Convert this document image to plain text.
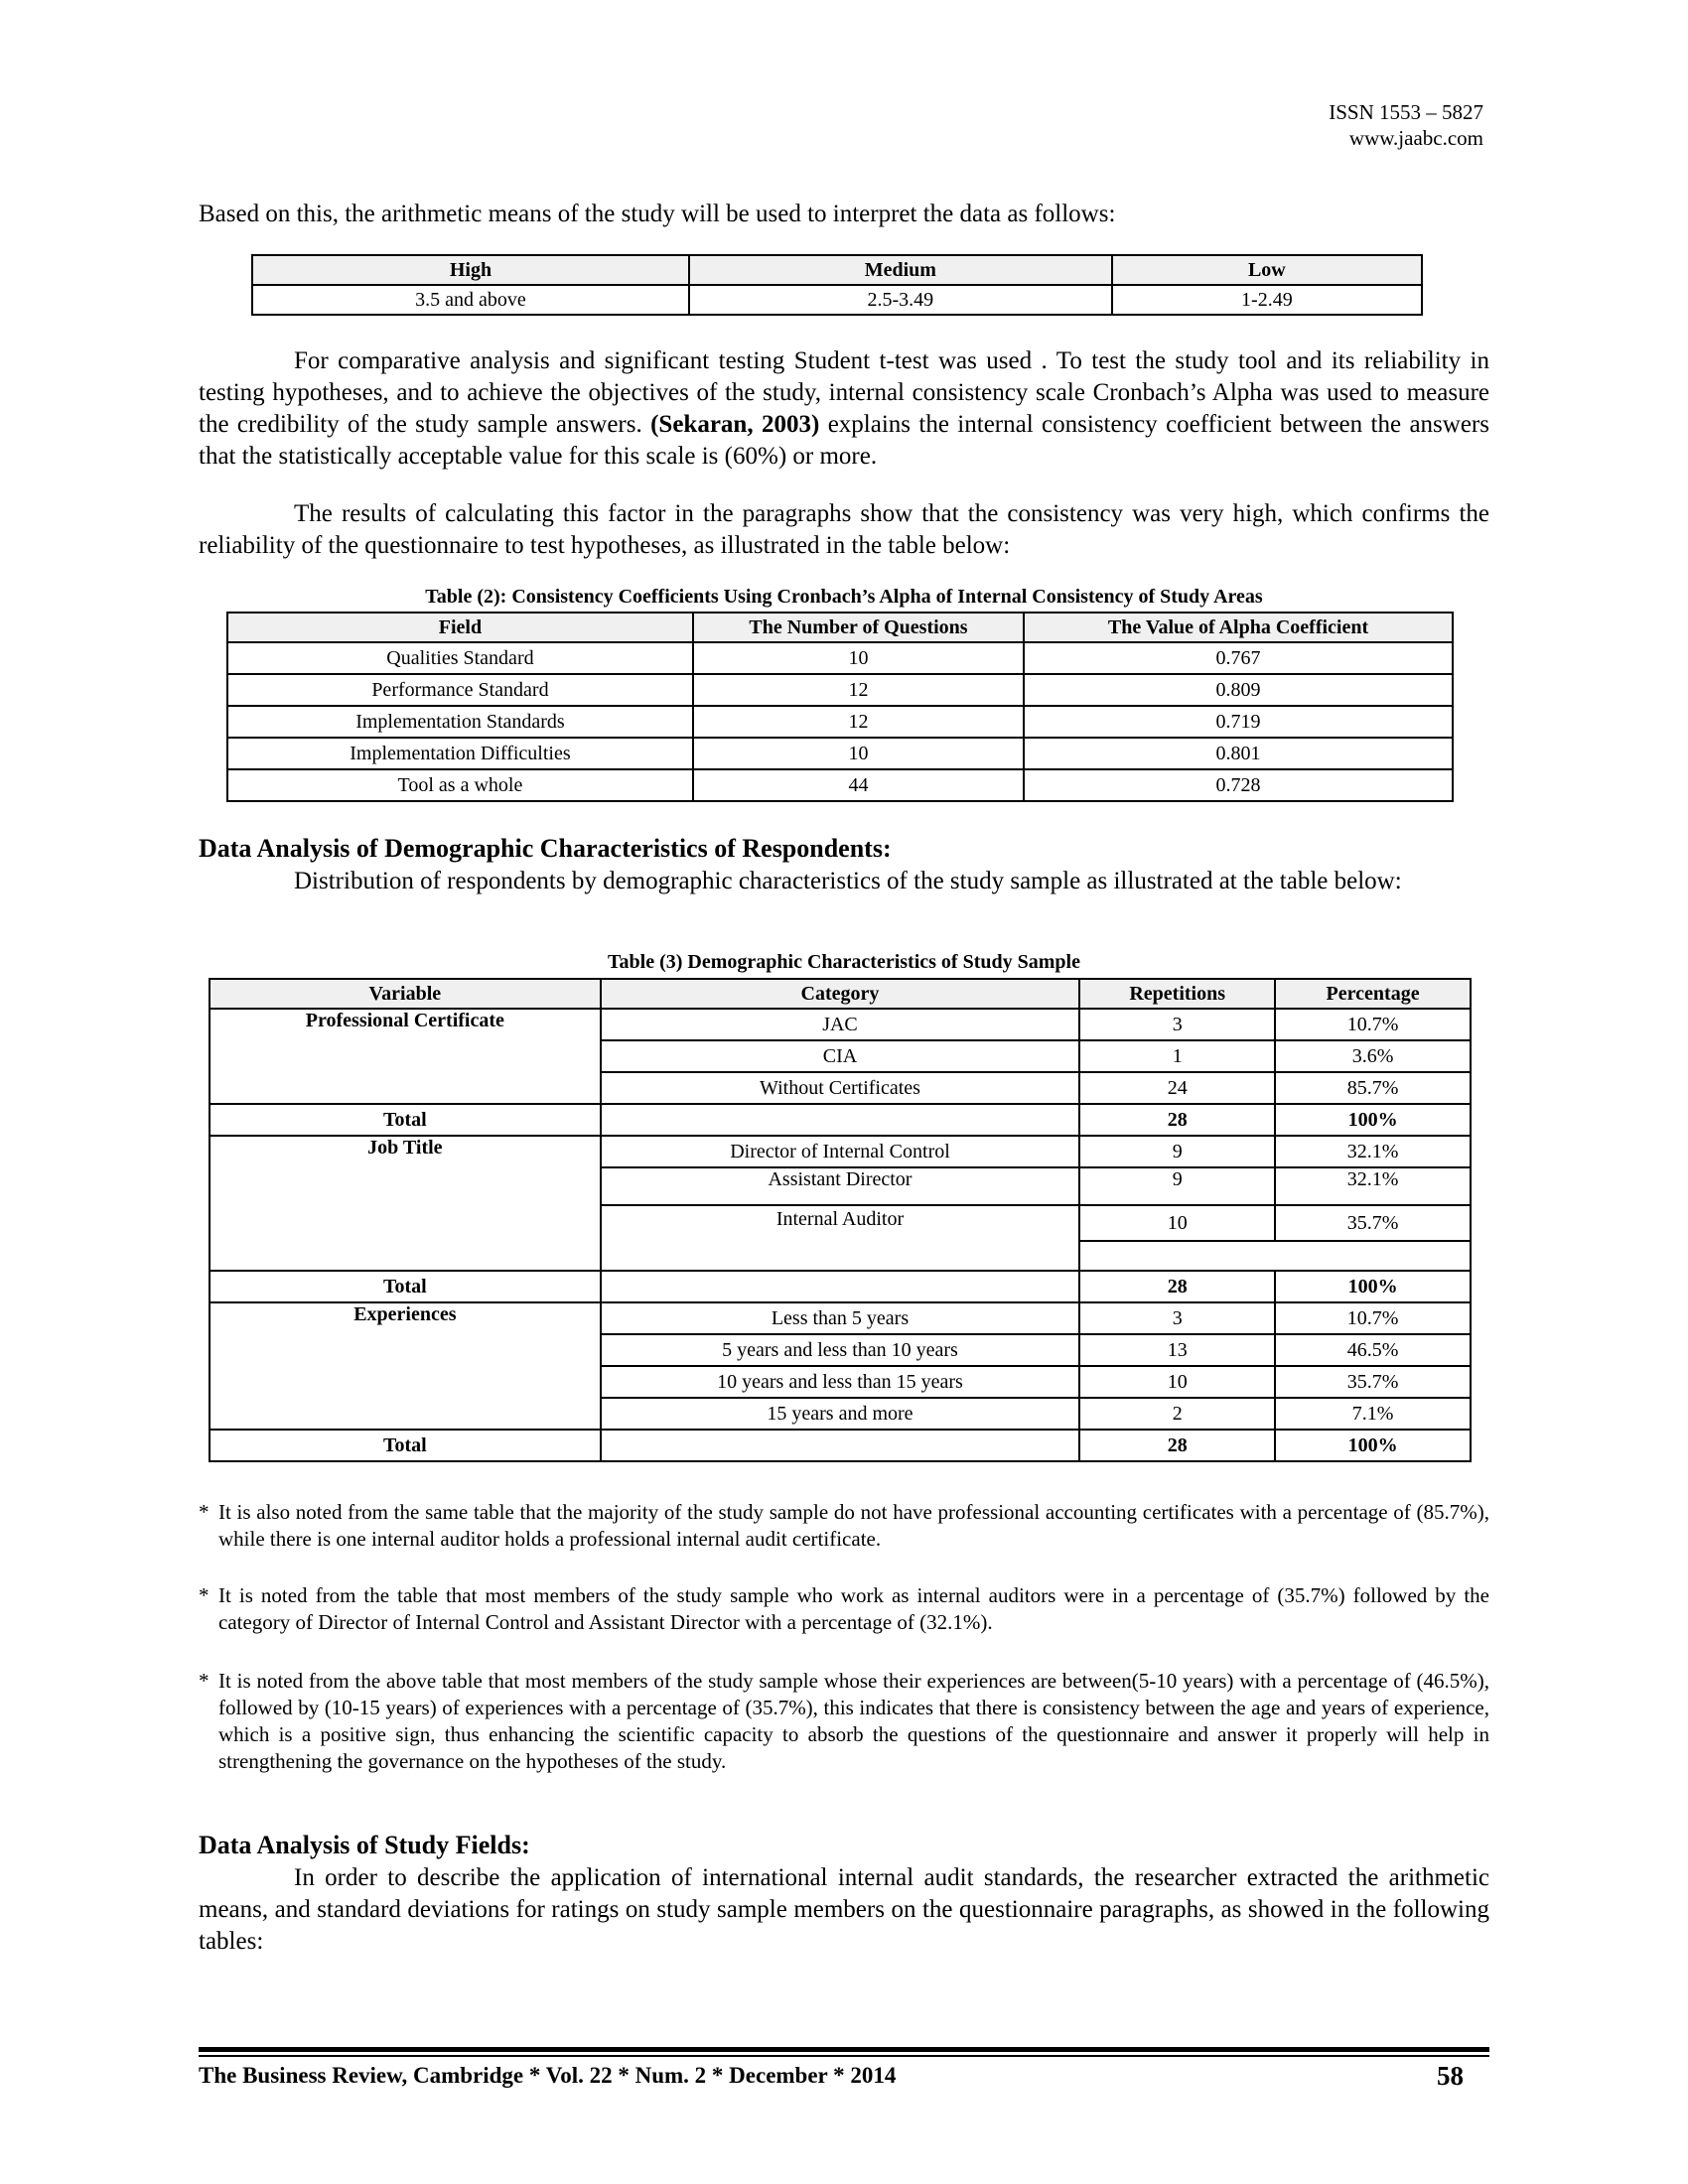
ISSN 1553 – 5827
www.jaabc.com

Based on this, the arithmetic means of the study will be used to interpret the data as follows:

High	Medium	Low
3.5 and above	2.5-3.49	1-2.49

For comparative analysis and significant testing Student t-test was used . To test the study tool and its reliability in testing hypotheses, and to achieve the objectives of the study, internal consistency scale Cronbach’s Alpha was used to measure the credibility of the study sample answers. (Sekaran, 2003) explains the internal consistency coefficient between the answers that the statistically acceptable value for this scale is (60%) or more.

The results of calculating this factor in the paragraphs show that the consistency was very high, which confirms the reliability of the questionnaire to test hypotheses, as illustrated in the table below:

Table (2): Consistency Coefficients Using Cronbach’s Alpha of Internal Consistency of Study Areas
Field	The Number of Questions	The Value of Alpha Coefficient
Qualities Standard	10	0.767
Performance Standard	12	0.809
Implementation Standards	12	0.719
Implementation Difficulties	10	0.801
Tool as a whole	44	0.728
Data Analysis of Demographic Characteristics of Respondents:

Distribution of respondents by demographic characteristics of the study sample as illustrated at the table below:

Table (3) Demographic Characteristics of Study Sample
Variable	Category	Repetitions	Percentage
Professional Certificate	JAC	3	10.7%
	CIA	1	3.6%
	Without Certificates	24	85.7%
Total		28	100%
Job Title	Director of Internal Control	9	32.1%
	Assistant Director	9	32.1%
	Internal Auditor	10	35.7%

Total		28	100%
Experiences	Less than 5 years	3	10.7%
	5 years and less than 10 years	13	46.5%
	10 years and less than 15 years	10	35.7%
	15 years and more	2	7.1%
Total		28	100%
* It is also noted from the same table that the majority of the study sample do not have professional accounting certificates with a percentage of (85.7%), while there is one internal auditor holds a professional internal audit certificate.
* It is noted from the table that most members of the study sample who work as internal auditors were in a percentage of (35.7%) followed by the category of Director of Internal Control and Assistant Director with a percentage of (32.1%).
* It is noted from the above table that most members of the study sample whose their experiences are between(5-10 years) with a percentage of (46.5%), followed by (10-15 years) of experiences with a percentage of (35.7%), this indicates that there is consistency between the age and years of experience, which is a positive sign, thus enhancing the scientific capacity to absorb the questions of the questionnaire and answer it properly will help in strengthening the governance on the hypotheses of the study.
Data Analysis of Study Fields:

In order to describe the application of international internal audit standards, the researcher extracted the arithmetic means, and standard deviations for ratings on study sample members on the questionnaire paragraphs, as showed in the following tables:

The Business Review, Cambridge * Vol. 22 * Num. 2 * December * 2014	58
